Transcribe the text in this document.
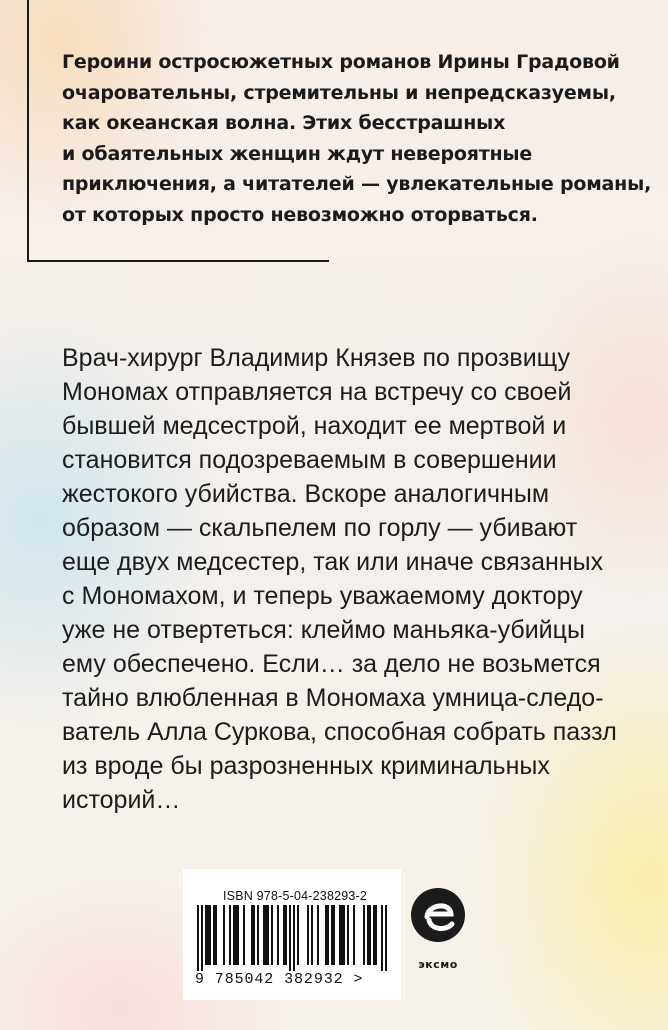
Героини остросюжетных романов Ирины Градовой
очаровательны, стремительны и непредсказуемы,
как океанская волна. Этих бесстрашных
и обаятельных женщин ждут невероятные
приключения, а читателей — увлекательные романы,
от которых просто невозможно оторваться.
Врач-хирург Владимир Князев по прозвищу
Мономах отправляется на встречу со своей
бывшей медсестрой, находит ее мертвой и
становится подозреваемым в совершении
жестокого убийства. Вскоре аналогичным
образом — скальпелем по горлу — убивают
еще двух медсестер, так или иначе связанных
с Мономахом, и теперь уважаемому доктору
уже не отвертеться: клеймо маньяка-убийцы
ему обеспечено. Если… за дело не возьмется
тайно влюбленная в Мономаха умница-следо-
ватель Алла Суркова, способная собрать паззл
из вроде бы разрозненных криминальных
историй…
ISBN 978-5-04-238293-2
9 785042 382932 >
эксмо
